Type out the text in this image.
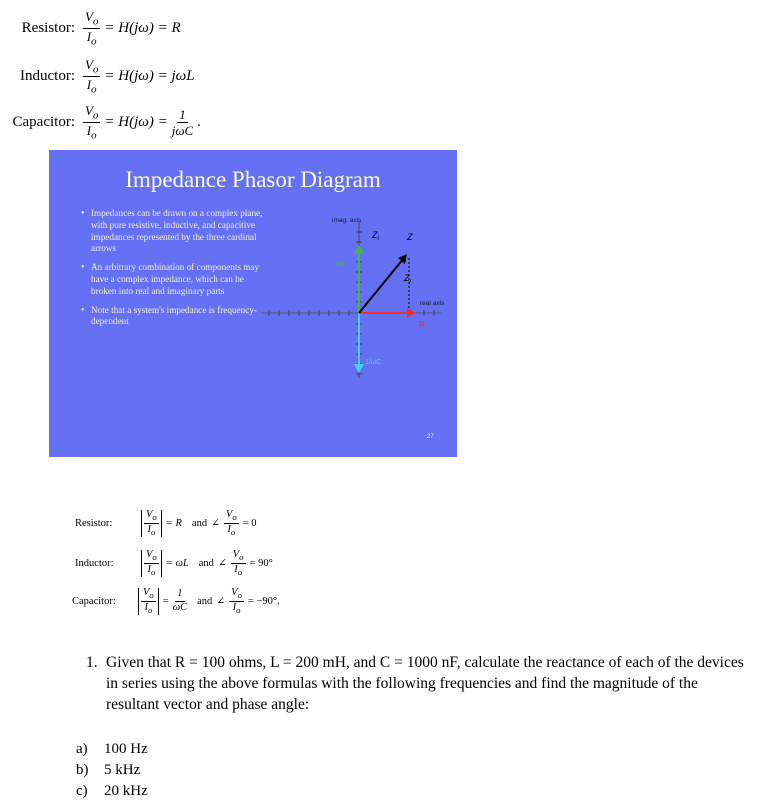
Resistor: $\frac{V_o}{I_o} = H(j\omega) = R$
Inductor: $\frac{V_o}{I_o} = H(j\omega) = j\omega L$
Capacitor: $\frac{V_o}{I_o} = H(j\omega) = \frac{1}{\text{jωC}}$ .
Impedance Phasor Diagram
• Impedances can be drawn on a complex plane, with pure resistive, inductive, and capacitive impedances represented by the three cardinal arrows
• An arbitrary combination of components may have a complex impedance, which can be broken into real and imaginary parts
• Note that a system's impedance is frequency-dependent
imag. axis
$Z_i$	Z
$Z_r$
ωL
real axis
R
1/ωC
27
Resistor:	$\frac{V_o}{I_o} = R$ and ∠ $\frac{V_o}{I_o} = 0$
Inductor:	$\frac{V_o}{I_o} = \omega L$ and ∠ $\frac{V_o}{I_o} = 90^\circ$
Capacitor:	$\frac{V_o}{I_o} = \frac{1}{\omega C}$ and ∠ $\frac{V_o}{I_o} = -90^\circ$.
1. Given that R = 100 ohms, L = 200 mH, and C = 1000 nF, calculate the reactance of each of the devices in series using the above formulas with the following frequencies and find the magnitude of the resultant vector and phase angle:
a) 100 Hz
b) 5 kHz
c) 20 kHz
